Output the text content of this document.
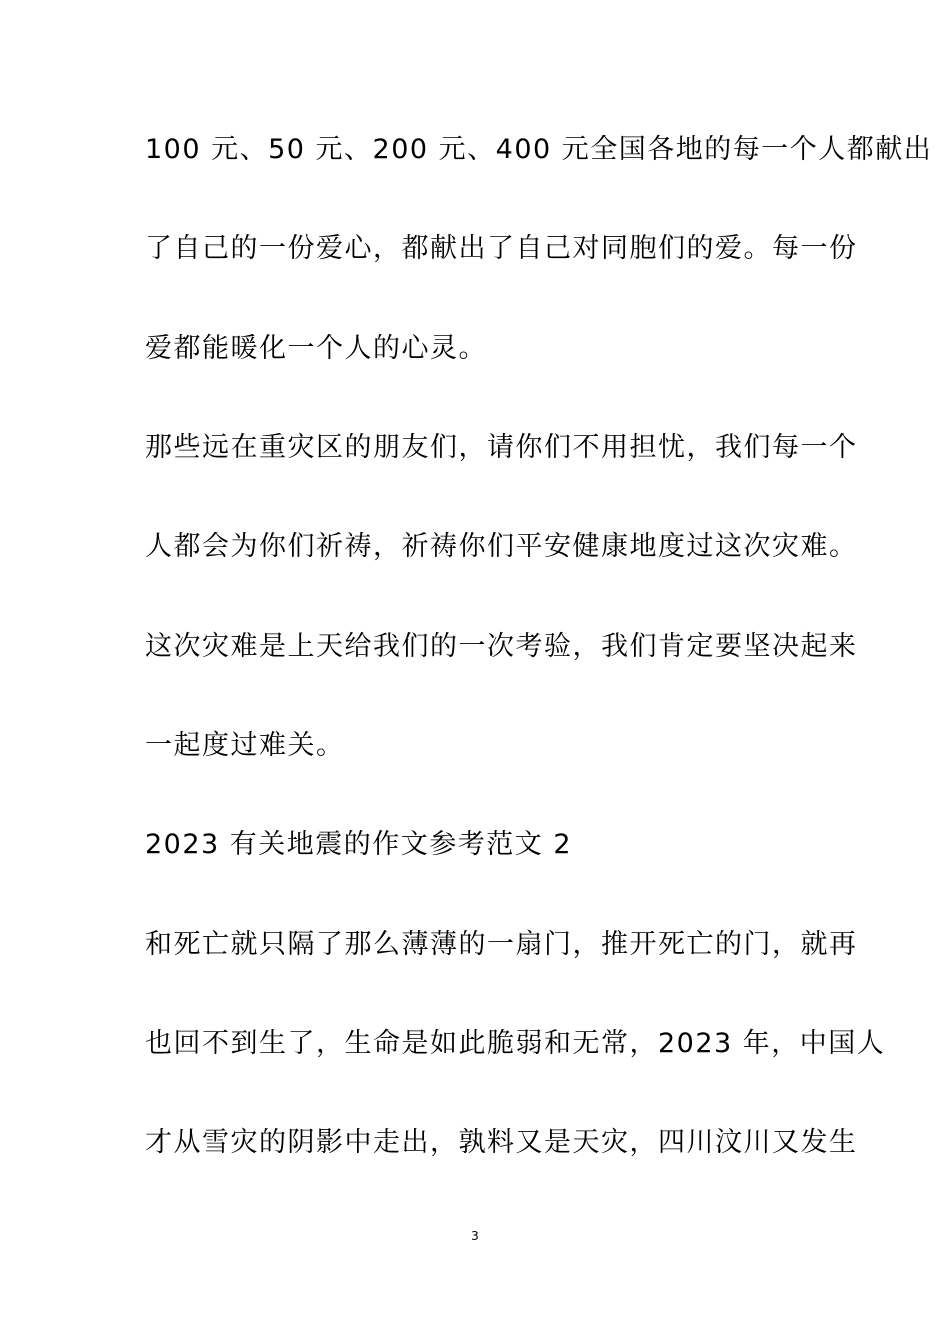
100 元、50 元、200 元、400 元全国各地的每一个人都献出
了自己的一份爱心，都献出了自己对同胞们的爱。每一份
爱都能暖化一个人的心灵。
那些远在重灾区的朋友们，请你们不用担忧，我们每一个
人都会为你们祈祷，祈祷你们平安健康地度过这次灾难。
这次灾难是上天给我们的一次考验，我们肯定要坚决起来
一起度过难关。
2023 有关地震的作文参考范文 2
和死亡就只隔了那么薄薄的一扇门，推开死亡的门，就再
也回不到生了，生命是如此脆弱和无常，2023 年，中国人
才从雪灾的阴影中走出，孰料又是天灾，四川汶川又发生
3
